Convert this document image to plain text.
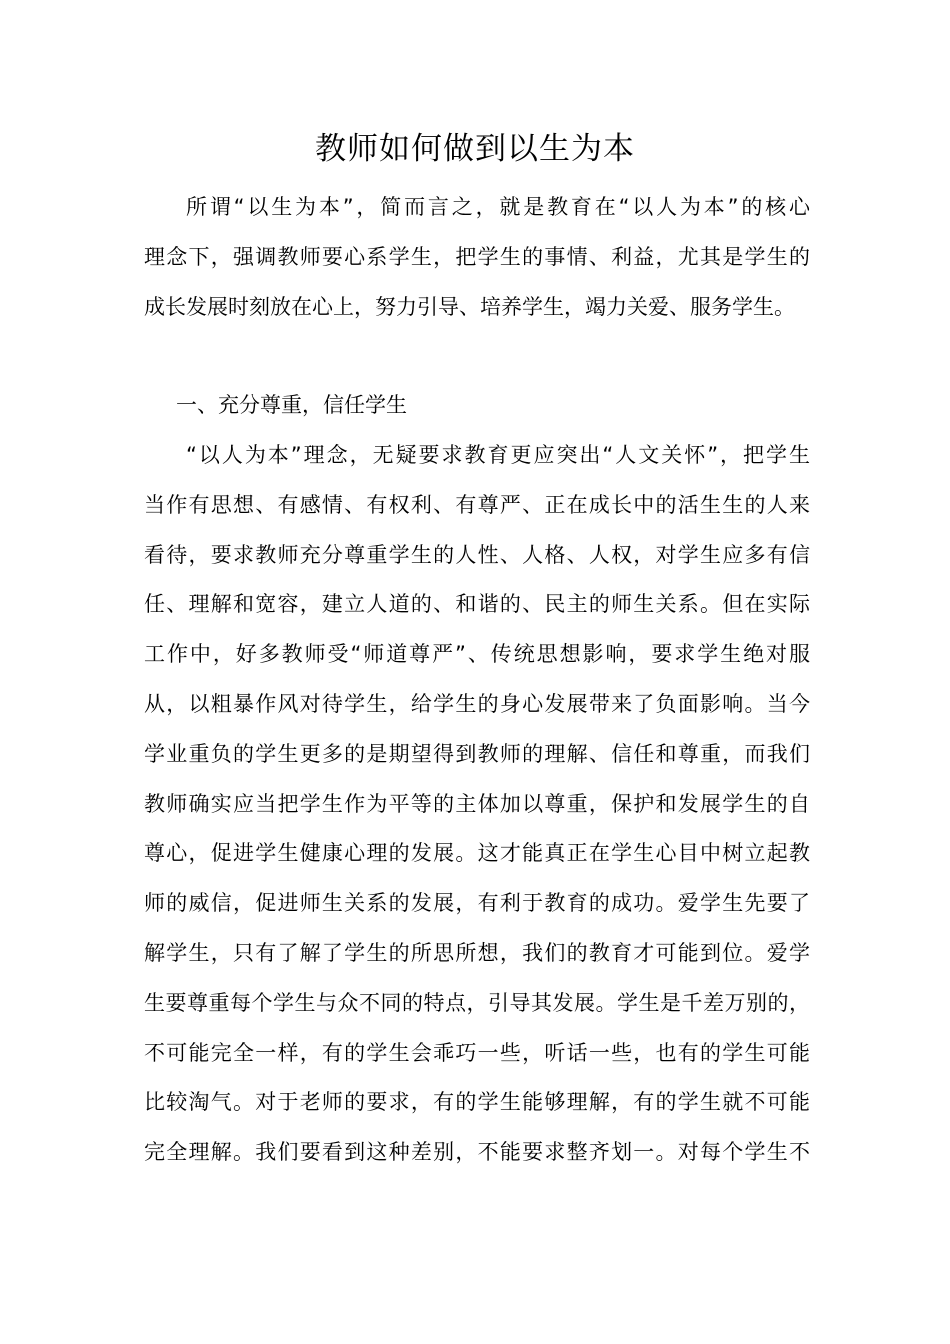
教师如何做到以生为本
所谓“以生为本”，简而言之，就是教育在“以人为本”的核心
理念下，强调教师要心系学生，把学生的事情、利益，尤其是学生的
成长发展时刻放在心上，努力引导、培养学生，竭力关爱、服务学生。
一、充分尊重，信任学生
“以人为本”理念，无疑要求教育更应突出“人文关怀”，把学生
当作有思想、有感情、有权利、有尊严、正在成长中的活生生的人来
看待，要求教师充分尊重学生的人性、人格、人权，对学生应多有信
任、理解和宽容，建立人道的、和谐的、民主的师生关系。但在实际
工作中，好多教师受“师道尊严”、传统思想影响，要求学生绝对服
从，以粗暴作风对待学生，给学生的身心发展带来了负面影响。当今
学业重负的学生更多的是期望得到教师的理解、信任和尊重，而我们
教师确实应当把学生作为平等的主体加以尊重，保护和发展学生的自
尊心，促进学生健康心理的发展。这才能真正在学生心目中树立起教
师的威信，促进师生关系的发展，有利于教育的成功。爱学生先要了
解学生，只有了解了学生的所思所想，我们的教育才可能到位。爱学
生要尊重每个学生与众不同的特点，引导其发展。学生是千差万别的，
不可能完全一样，有的学生会乖巧一些，听话一些，也有的学生可能
比较淘气。对于老师的要求，有的学生能够理解，有的学生就不可能
完全理解。我们要看到这种差别，不能要求整齐划一。对每个学生不
